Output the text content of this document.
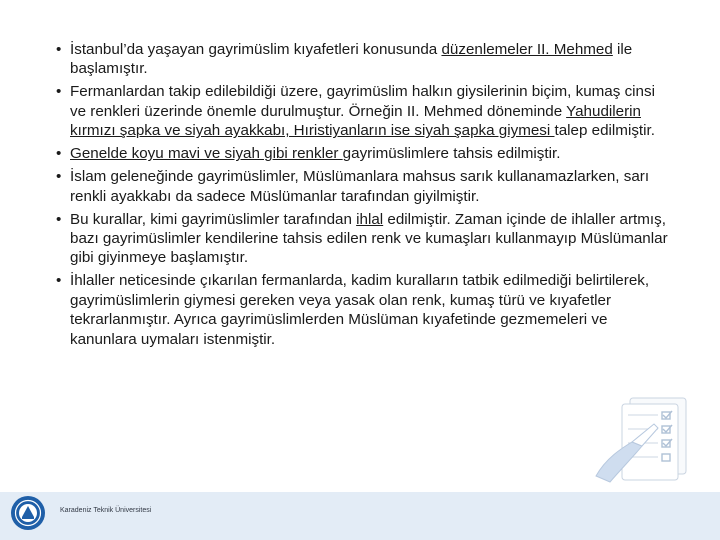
• İstanbul’da yaşayan gayrimüslim kıyafetleri konusunda düzenlemeler II. Mehmed ile başlamıştır.
• Fermanlardan takip edilebildiği üzere, gayrimüslim halkın giysilerinin biçim, kumaş cinsi ve renkleri üzerinde önemle durulmuştur. Örneğin II. Mehmed döneminde Yahudilerin kırmızı şapka ve siyah ayakkabı, Hıristiyanların ise siyah şapka giymesi talep edilmiştir.
• Genelde koyu mavi ve siyah gibi renkler gayrimüslimlere tahsis edilmiştir.
• İslam geleneğinde gayrimüslimler, Müslümanlara mahsus sarık kullanamazlarken, sarı renkli ayakkabı da sadece Müslümanlar tarafından giyilmiştir.
• Bu kurallar, kimi gayrimüslimler tarafından ihlal edilmiştir. Zaman içinde de ihlaller artmış, bazı gayrimüslimler kendilerine tahsis edilen renk ve kumaşları kullanmayıp Müslümanlar gibi giyinmeye başlamıştır.
• İhlaller neticesinde çıkarılan fermanlarda, kadim kuralların tatbik edilmediği belirtilerek, gayrimüslimlerin giymesi gereken veya yasak olan renk, kumaş türü ve kıyafetler tekrarlanmıştır. Ayrıca gayrimüslimlerden Müslüman kıyafetinde gezmemeleri ve kanunlara uymaları istenmiştir.
Karadeniz Teknik Üniversitesi
